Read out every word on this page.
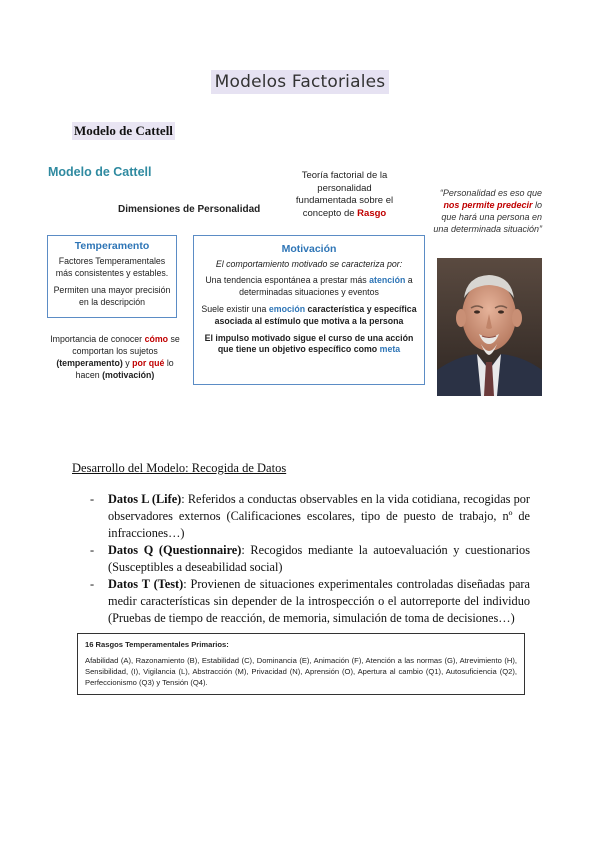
Modelos Factoriales
Modelo de Cattell
Modelo de Cattell	Teoría factorial de la personalidad fundamentada sobre el concepto de Rasgo
Dimensiones de Personalidad
“Personalidad es eso que nos permite predecir lo que hará una persona en una determinada situación”
Temperamento
Factores Temperamentales más consistentes y estables.
Permiten una mayor precisión en la descripción
Motivación
El comportamiento motivado se caracteriza por:
Una tendencia espontánea a prestar más atención a determinadas situaciones y eventos
Suele existir una emoción característica y específica asociada al estímulo que motiva a la persona
El impulso motivado sigue el curso de una acción que tiene un objetivo específico como meta
Importancia de conocer cómo se comportan los sujetos (temperamento) y por qué lo hacen (motivación)
Desarrollo del Modelo: Recogida de Datos
- Datos L (Life): Referidos a conductas observables en la vida cotidiana, recogidas por observadores externos (Calificaciones escolares, tipo de puesto de trabajo, nº de infracciones…)
- Datos Q (Questionnaire): Recogidos mediante la autoevaluación y cuestionarios (Susceptibles a deseabilidad social)
- Datos T (Test): Provienen de situaciones experimentales controladas diseñadas para medir características sin depender de la introspección o el autorreporte del individuo (Pruebas de tiempo de reacción, de memoria, simulación de toma de decisiones…)
16 Rasgos Temperamentales Primarios:
Afabilidad (A), Razonamiento (B), Estabilidad (C), Dominancia (E), Animación (F), Atención a las normas (G), Atrevimiento (H), Sensibilidad, (I), Vigilancia (L), Abstracción (M), Privacidad (N), Aprensión (O), Apertura al cambio (Q1), Autosuficiencia (Q2), Perfeccionismo (Q3) y Tensión (Q4).
